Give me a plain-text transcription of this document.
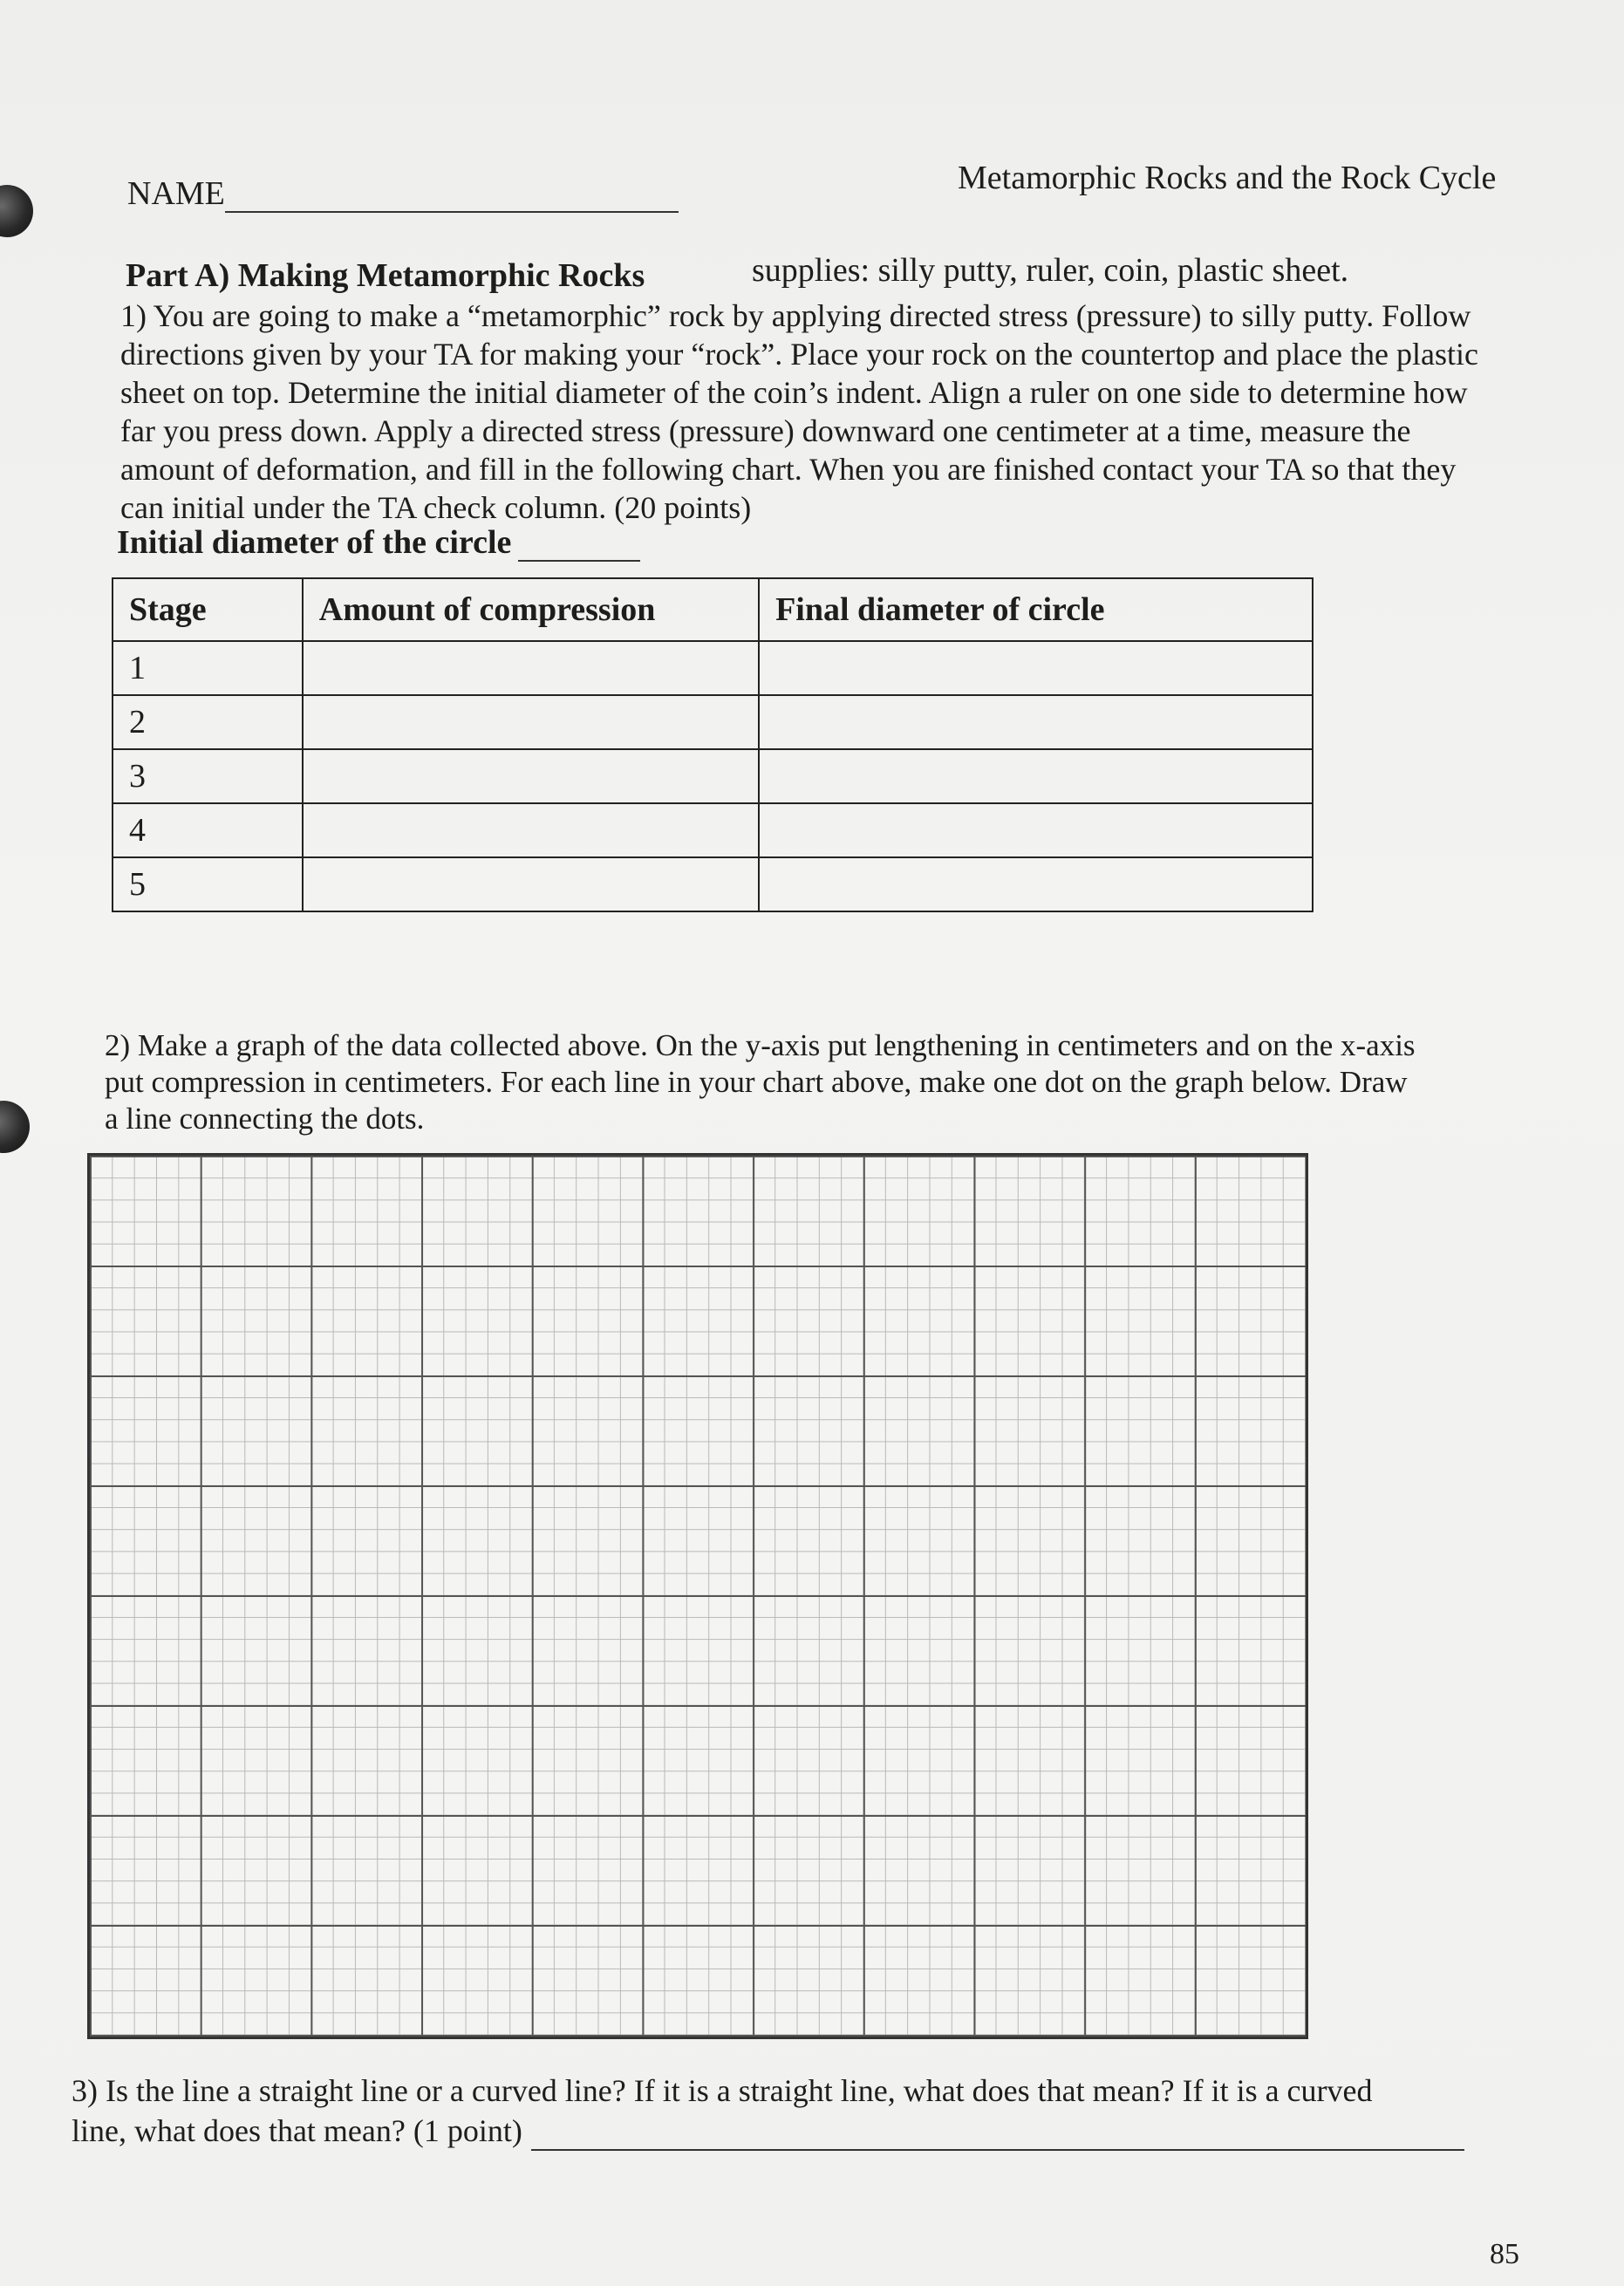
NAME	Metamorphic Rocks and the Rock Cycle
Part A) Making Metamorphic Rocks	supplies: silly putty, ruler, coin, plastic sheet.
1) You are going to make a “metamorphic” rock by applying directed stress (pressure) to silly putty. Follow
directions given by your TA for making your “rock”. Place your rock on the countertop and place the plastic
sheet on top. Determine the initial diameter of the coin’s indent. Align a ruler on one side to determine how
far you press down. Apply a directed stress (pressure) downward one centimeter at a time, measure the
amount of deformation, and fill in the following chart. When you are finished contact your TA so that they
can initial under the TA check column. (20 points)
Initial diameter of the circle
Stage	Amount of compression	Final diameter of circle
1		
2		
3		
4		
5		
2) Make a graph of the data collected above. On the y-axis put lengthening in centimeters and on the x-axis
put compression in centimeters. For each line in your chart above, make one dot on the graph below. Draw
a line connecting the dots.
3) Is the line a straight line or a curved line? If it is a straight line, what does that mean? If it is a curved
line, what does that mean? (1 point)
85
